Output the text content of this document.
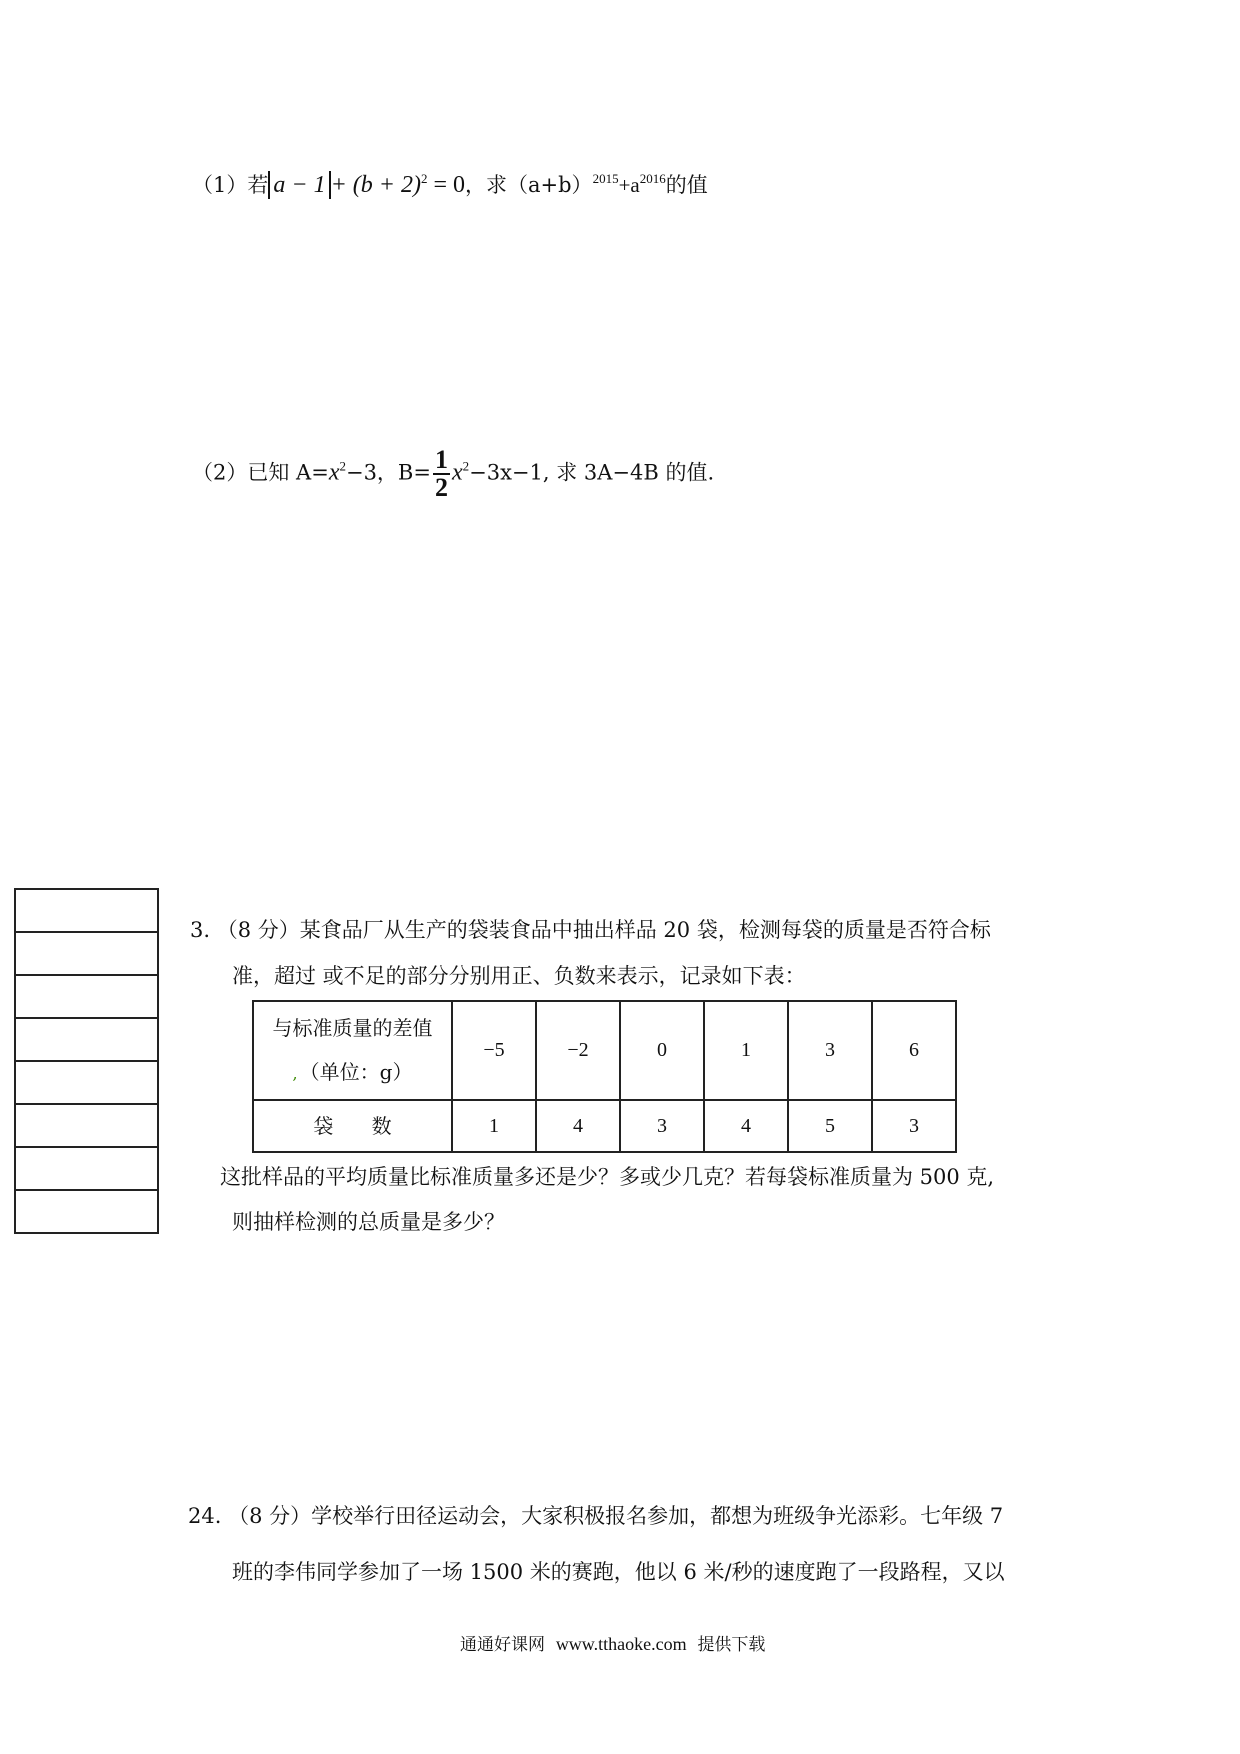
（1）若 $a - 1 + (b + 2)^2 = 0$，求$(a+b)^{2015}+a^{2016}$的值
（2）已知 $A=x^2-3$，$B= \frac{1}{2} x^2-3x-1$, 求 3A−4B 的值.
3. （8 分）某食品厂从生产的袋装食品中抽出样品 20 袋，检测每袋的质量是否符合标
准，超过 或不足的部分分别用正、负数来表示，记录如下表：
与标准质量的差值
, （单位：g）	−5	−2	0	1	3	6
袋      数	1	4	3	4	5	3
这批样品的平均质量比标准质量多还是少？多或少几克？若每袋标准质量为 500 克,
则抽样检测的总质量是多少？
24. （8 分）学校举行田径运动会，大家积极报名参加，都想为班级争光添彩。七年级 7
班的李伟同学参加了一场 1500 米的赛跑，他以 6 米/秒的速度跑了一段路程，又以
通通好课网 www.tthaoke.com 提供下载
